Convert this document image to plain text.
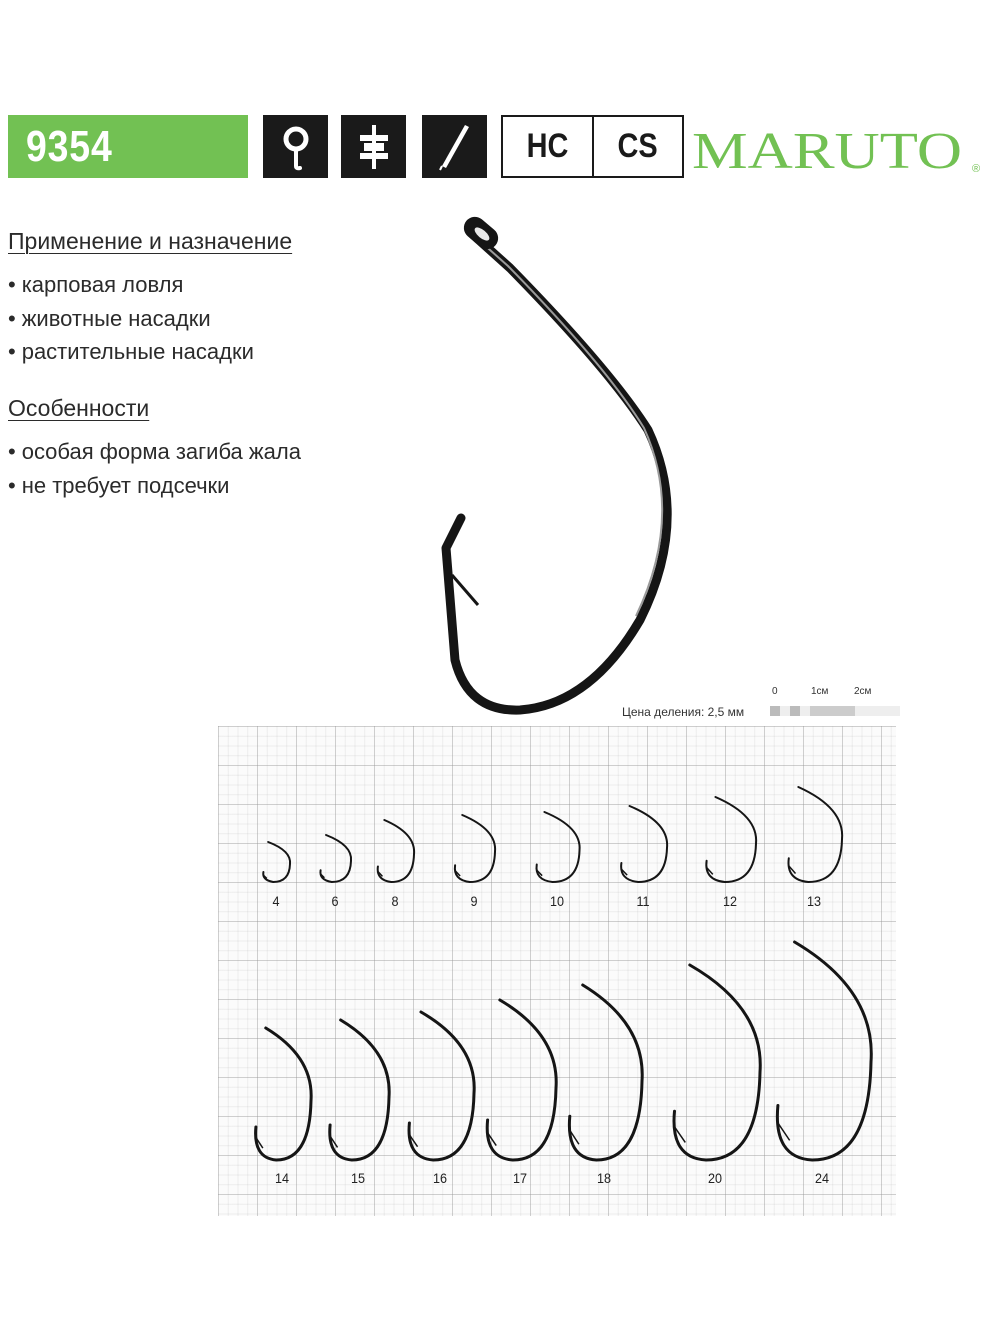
9354	HC CS MARUTO ®
Применение и назначение
• карповая ловля
• животные насадки
• растительные насадки
Особенности
• особая форма загиба жала
• не требует подсечки
0	1см	2см
Цена деления: 2,5 мм
4	6	8	9	10	11	12	13
14	15	16	17	18	20	24
